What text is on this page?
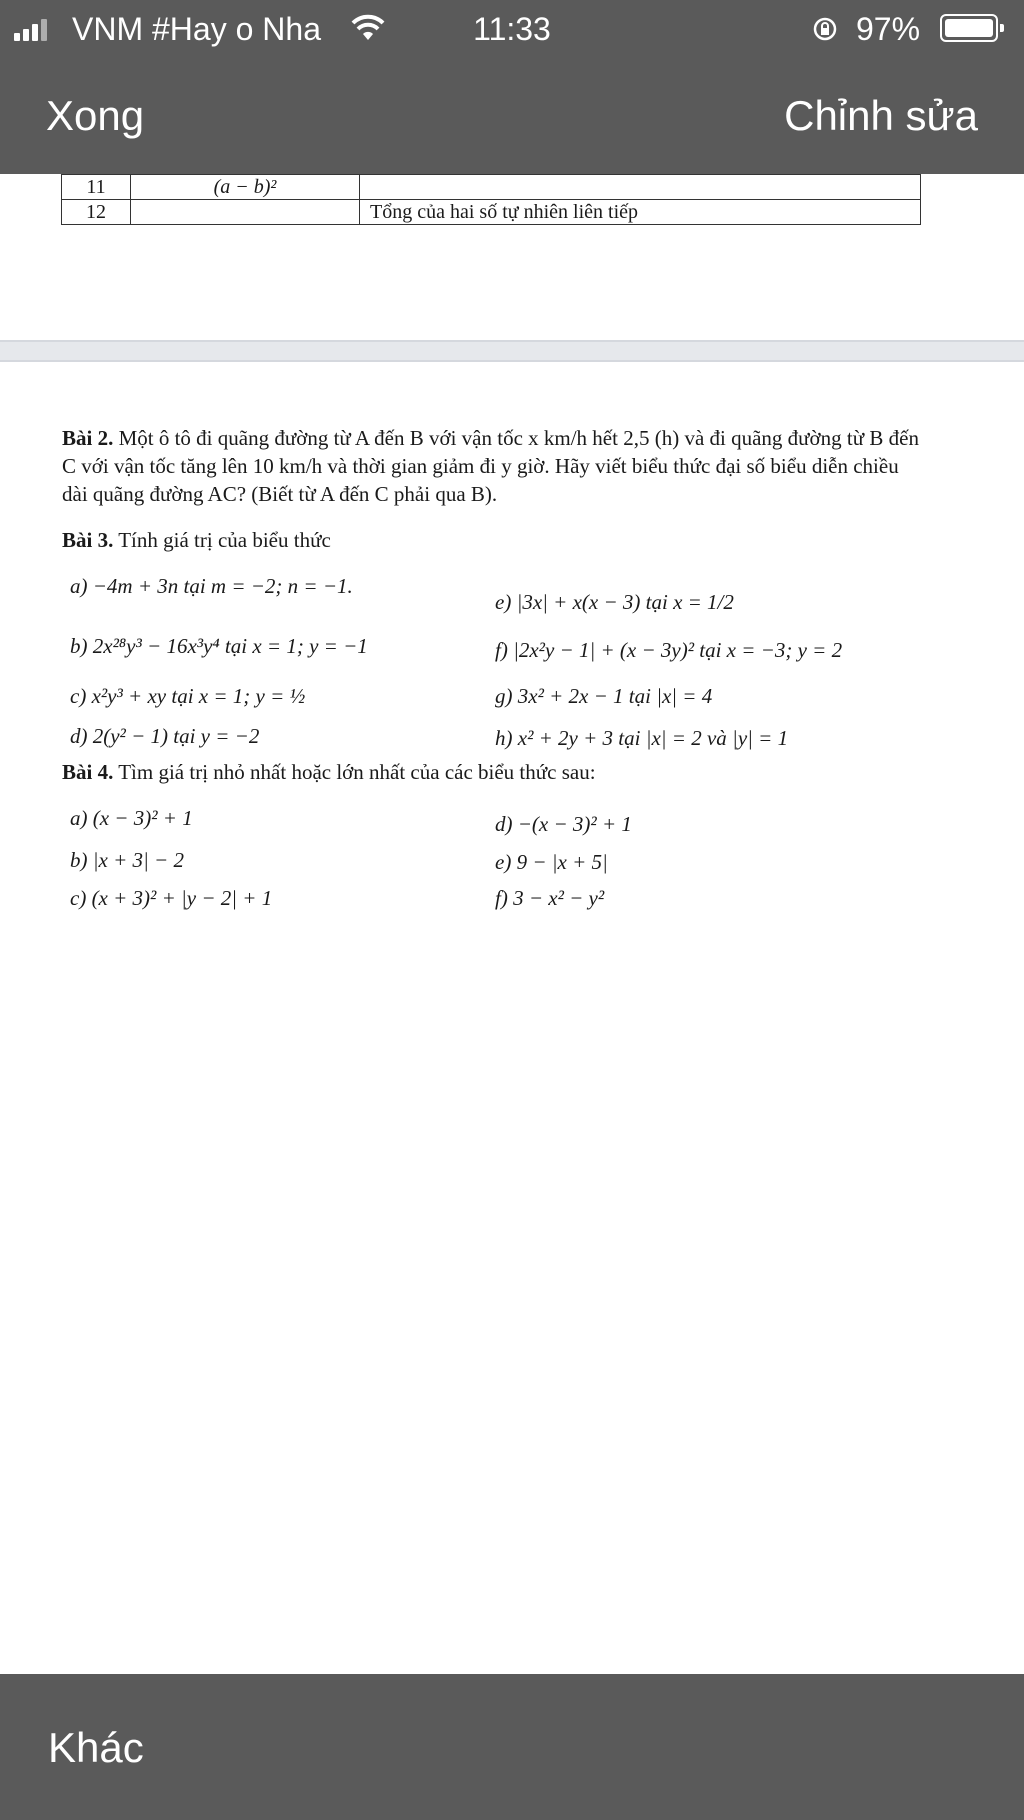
VNM #Hay o Nha	11:33	97%
Xong	Chỉnh sửa
11	(a − b)²	
12		Tổng của hai số tự nhiên liên tiếp
Bài 2. Một ô tô đi quãng đường từ A đến B với vận tốc x km/h hết 2,5 (h) và đi quãng đường từ B đến C với vận tốc tăng lên 10 km/h và thời gian giảm đi y giờ. Hãy viết biểu thức đại số biểu diễn chiều dài quãng đường AC? (Biết từ A đến C phải qua B).
Bài 3. Tính giá trị của biểu thức
a) −4m + 3n tại m = −2; n = −1.
e) |3x| + x(x − 3) tại x = 1/2
b) 2x²⁸y³ − 16x³y⁴ tại x = 1; y = −1	f) |2x²y − 1| + (x − 3y)² tại x = −3; y = 2
c) x²y³ + xy tại x = 1; y = ½	g) 3x² + 2x − 1 tại |x| = 4
d) 2(y² − 1) tại y = −2	h) x² + 2y + 3 tại |x| = 2 và |y| = 1
Bài 4. Tìm giá trị nhỏ nhất hoặc lớn nhất của các biểu thức sau:
a) (x − 3)² + 1	d) −(x − 3)² + 1
b) |x + 3| − 2	e) 9 − |x + 5|
c) (x + 3)² + |y − 2| + 1	f) 3 − x² − y²
Khác
